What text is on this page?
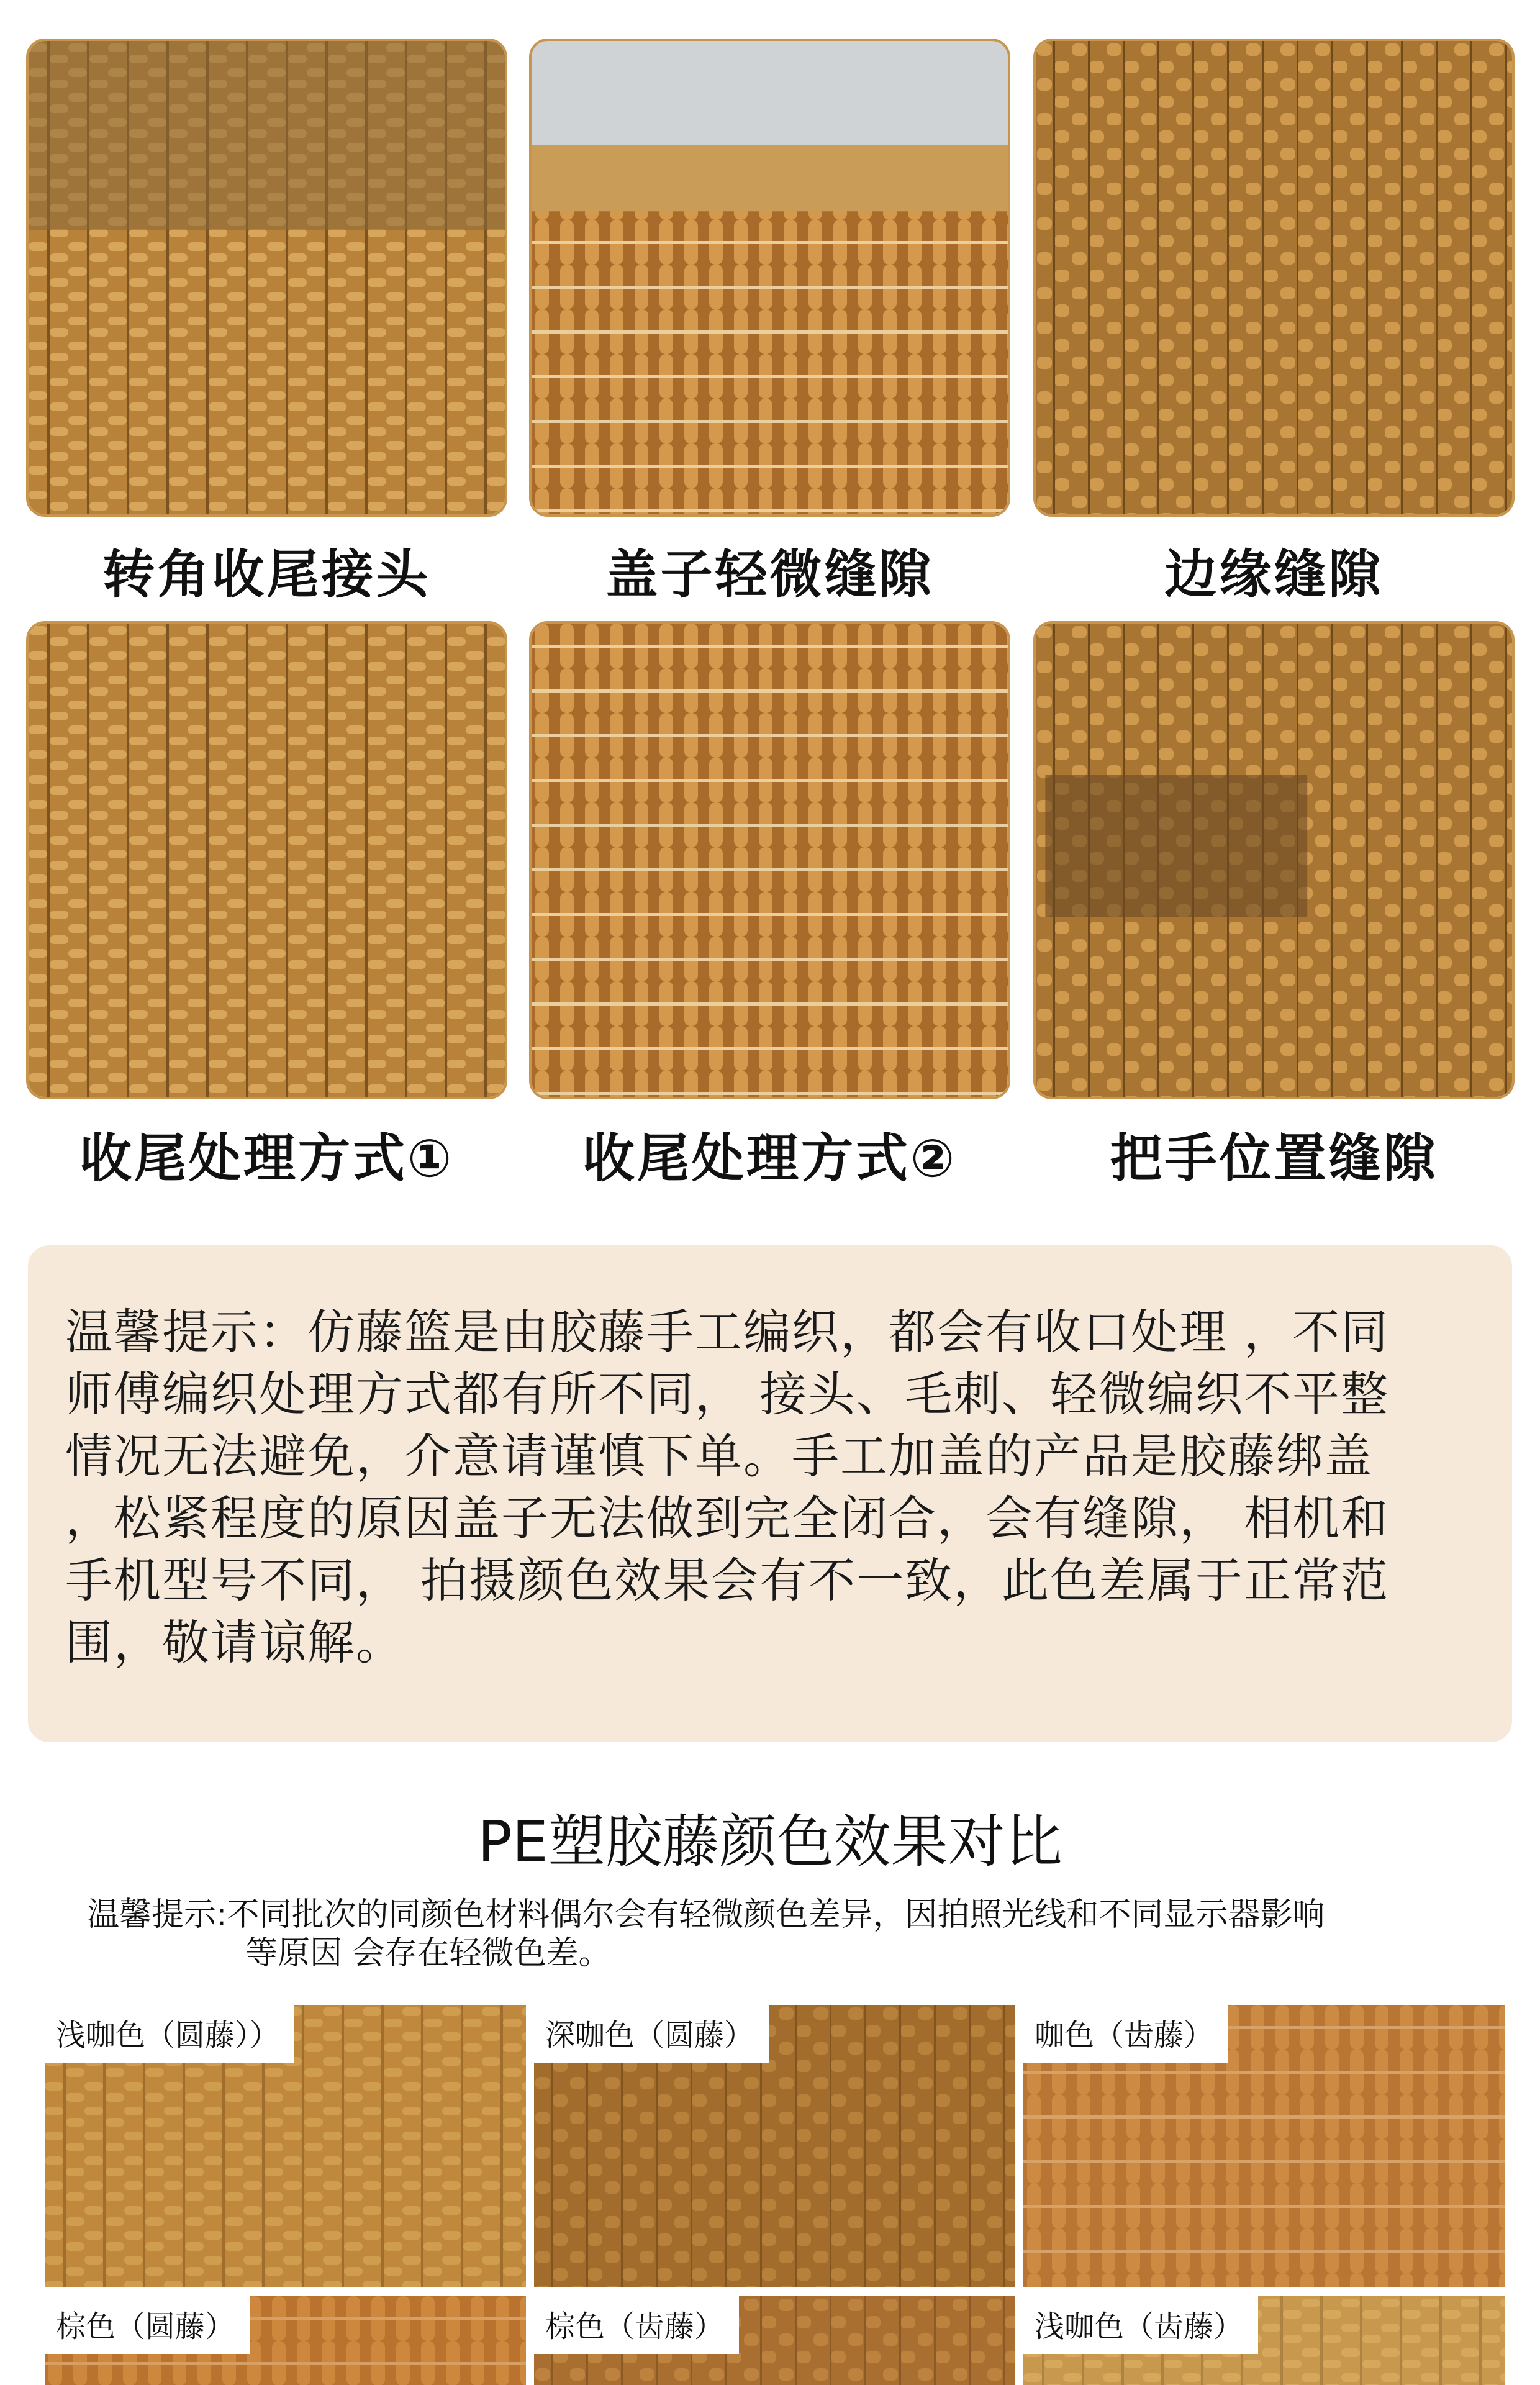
转角收尾接头	盖子轻微缝隙	边缘缝隙
收尾处理方式①	收尾处理方式②	把手位置缝隙
温馨提示：仿藤篮是由胶藤手工编织，都会有收口处理 ，不同
师傅编织处理方式都有所不同， 接头、毛刺、轻微编织不平整
情况无法避免，介意请谨慎下单。手工加盖的产品是胶藤绑盖
，松紧程度的原因盖子无法做到完全闭合，会有缝隙， 相机和
手机型号不同， 拍摄颜色效果会有不一致，此色差属于正常范
围，敬请谅解。
PE塑胶藤颜色效果对比
温馨提示:不同批次的同颜色材料偶尔会有轻微颜色差异，因拍照光线和不同显示器影响
等原因 会存在轻微色差。
浅咖色（圆藤））	深咖色（圆藤）	咖色（齿藤）
棕色（圆藤）	棕色（齿藤）	浅咖色（齿藤）
